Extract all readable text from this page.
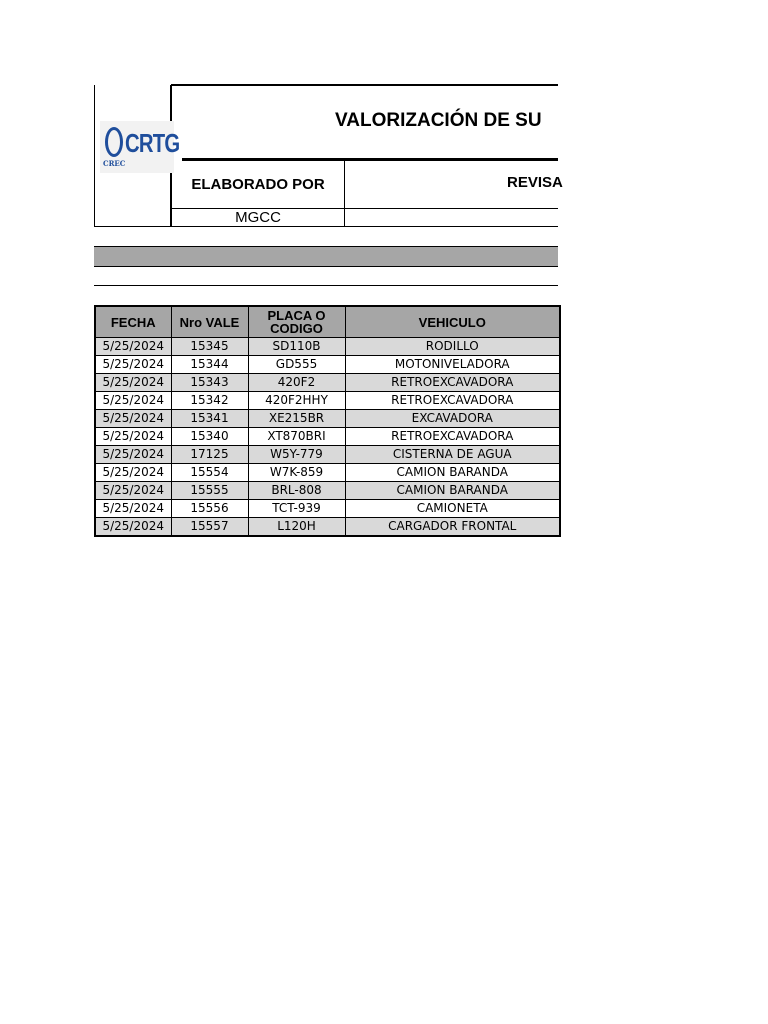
CRTG
CREC
VALORIZACIÓN DE SU
ELABORADO POR	REVISA
MGCC
FECHA	Nro VALE	PLACA O CODIGO	VEHICULO
5/25/2024	15345	SD110B	RODILLO
5/25/2024	15344	GD555	MOTONIVELADORA
5/25/2024	15343	420F2	RETROEXCAVADORA
5/25/2024	15342	420F2HHY	RETROEXCAVADORA
5/25/2024	15341	XE215BR	EXCAVADORA
5/25/2024	15340	XT870BRI	RETROEXCAVADORA
5/25/2024	17125	W5Y-779	CISTERNA DE AGUA
5/25/2024	15554	W7K-859	CAMION BARANDA
5/25/2024	15555	BRL-808	CAMION BARANDA
5/25/2024	15556	TCT-939	CAMIONETA
5/25/2024	15557	L120H	CARGADOR FRONTAL
